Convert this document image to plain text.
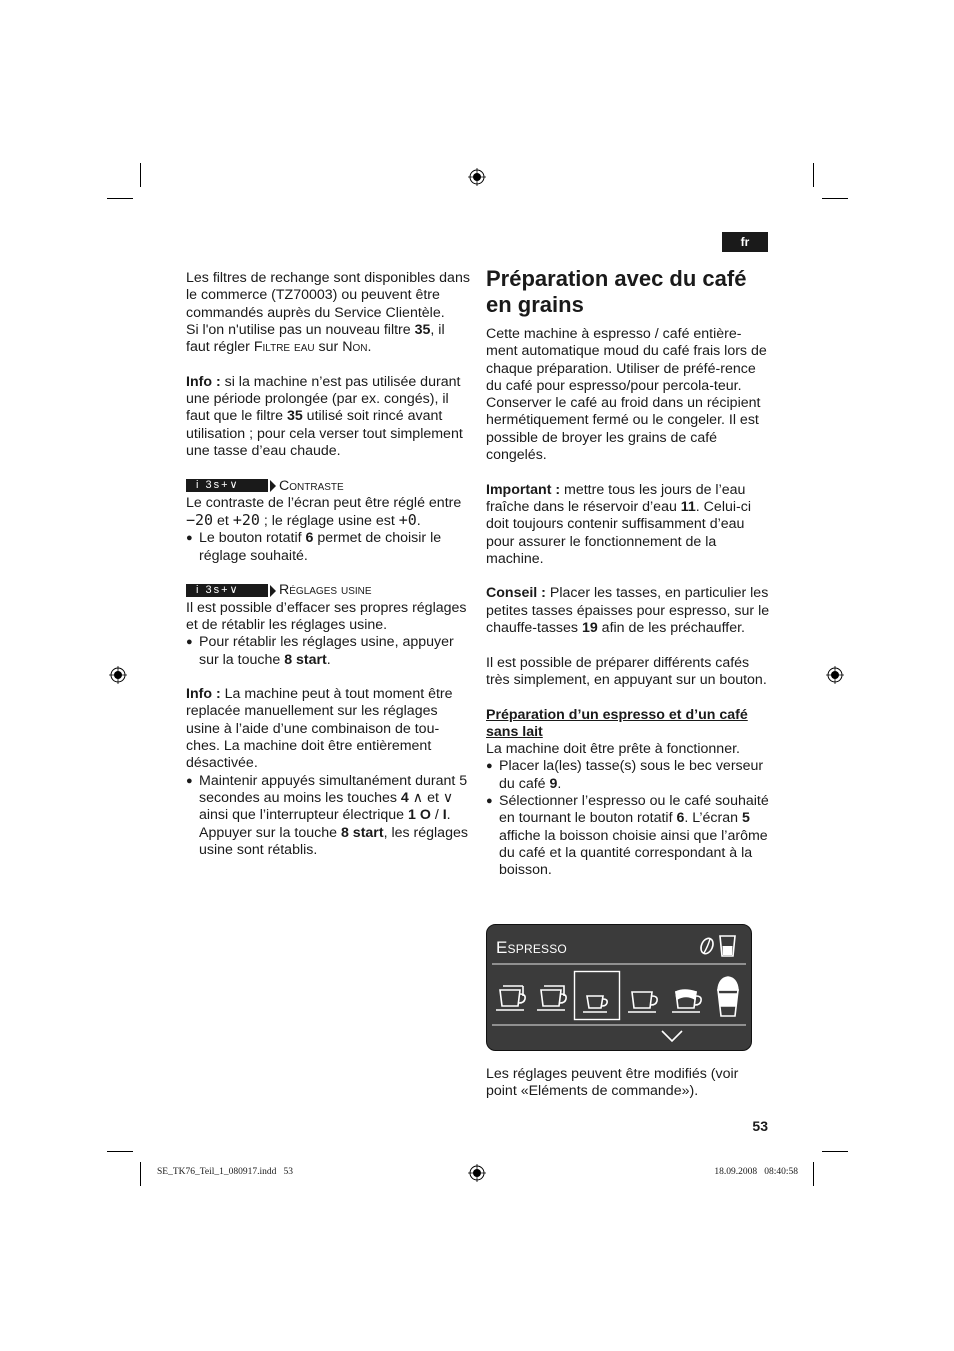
fr

Les filtres de rechange sont disponibles dans le commerce (TZ70003) ou peuvent être commandés auprès du Service Clientèle.

Si l'on n'utilise pas un nouveau filtre 35, il faut régler Filtre eau sur Non.

Info : si la machine n’est pas utilisée durant une période prolongée (par ex. congés), il faut que le filtre 35 utilisé soit rincé avant utilisation ; pour cela verser tout simplement une tasse d’eau chaude.

i 3s+∨	Contraste

Le contraste de l’écran peut être réglé entre −20 et +20 ; le réglage usine est +0.

● Le bouton rotatif 6 permet de choisir le réglage souhaité.

i 3s+∨	Réglages usine

Il est possible d’effacer ses propres réglages et de rétablir les réglages usine.

● Pour rétablir les réglages usine, appuyer sur la touche 8 start.

Info : La machine peut à tout moment être replacée manuellement sur les réglages usine à l’aide d’une combinaison de tou-ches. La machine doit être entièrement désactivée.

● Maintenir appuyés simultanément durant 5 secondes au moins les touches 4 ∧ et ∨ ainsi que l’interrupteur électrique 1 O / I. Appuyer sur la touche 8 start, les réglages usine sont rétablis.

Préparation avec du café en grains

Cette machine à espresso / café entière-ment automatique moud du café frais lors de chaque préparation. Utiliser de préfé-rence du café pour espresso/pour percola-teur. Conserver le café au froid dans un récipient hermétiquement fermé ou le congeler. Il est possible de broyer les grains de café congelés.

Important : mettre tous les jours de l’eau fraîche dans le réservoir d’eau 11. Celui-ci doit toujours contenir suffisamment d’eau pour assurer le fonctionnement de la machine.

Conseil : Placer les tasses, en particulier les petites tasses épaisses pour espresso, sur le chauffe-tasses 19 afin de les préchauffer.

Il est possible de préparer différents cafés très simplement, en appuyant sur un bouton.

Préparation d’un espresso et d’un café sans lait

La machine doit être prête à fonctionner.

● Placer la(les) tasse(s) sous le bec verseur du café 9.

● Sélectionner l’espresso ou le café souhaité en tournant le bouton rotatif 6. L’écran 5 affiche la boisson choisie ainsi que l’arôme du café et la quantité correspondant à la boisson.

Espresso

Les réglages peuvent être modifiés (voir point «Eléments de commande»).

53
SE_TK76_Teil_1_080917.indd   53	18.09.2008   08:40:58
